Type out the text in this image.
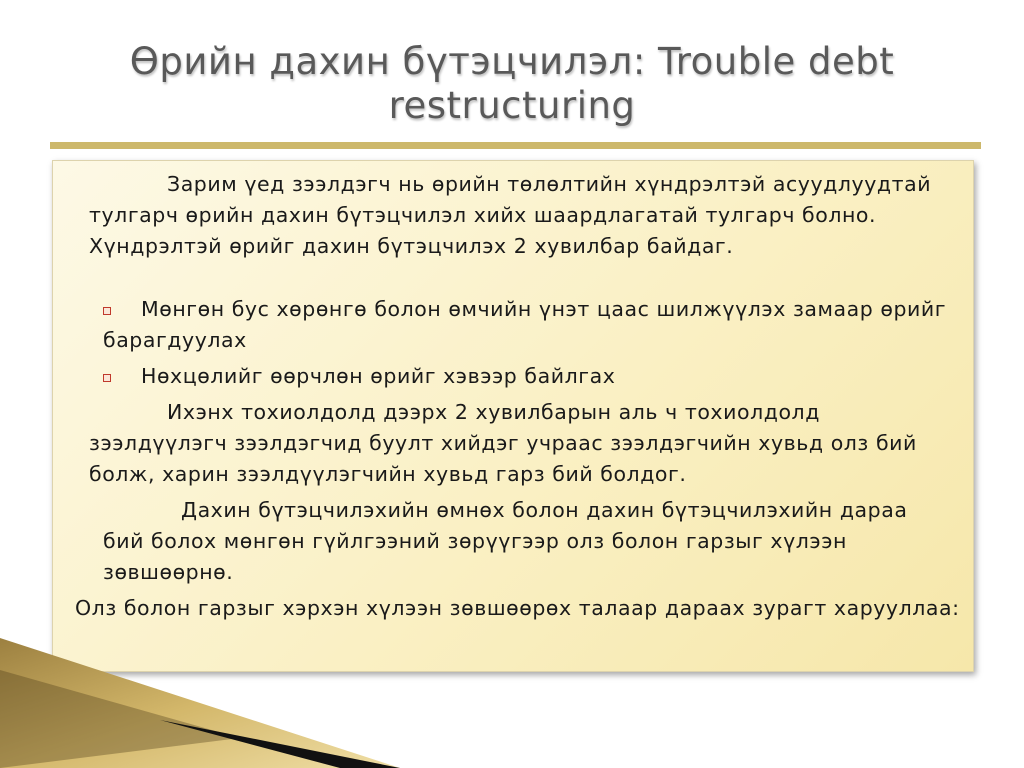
Өрийн дахин бүтэцчилэл: Trouble debt restructuring

Зарим үед зээлдэгч нь өрийн төлөлтийн хүндрэлтэй асуудлуудтай тулгарч өрийн дахин бүтэцчилэл хийх шаардлагатай тулгарч болно. Хүндрэлтэй өрийг дахин бүтэцчилэх 2 хувилбар байдаг.

Мөнгөн бус хөрөнгө болон өмчийн үнэт цаас шилжүүлэх замаар өрийг барагдуулах

Нөхцөлийг өөрчлөн өрийг хэвээр байлгах

Ихэнх тохиолдолд дээрх 2 хувилбарын аль ч тохиолдолд зээлдүүлэгч зээлдэгчид буулт хийдэг учраас зээлдэгчийн хувьд олз бий болж, харин зээлдүүлэгчийн хувьд гарз бий болдог.

Дахин бүтэцчилэхийн өмнөх болон дахин бүтэцчилэхийн дараа бий болох мөнгөн гүйлгээний зөрүүгээр олз болон гарзыг хүлээн зөвшөөрнө.

Олз болон гарзыг хэрхэн хүлээн зөвшөөрөх талаар дараах зурагт харууллаа:
